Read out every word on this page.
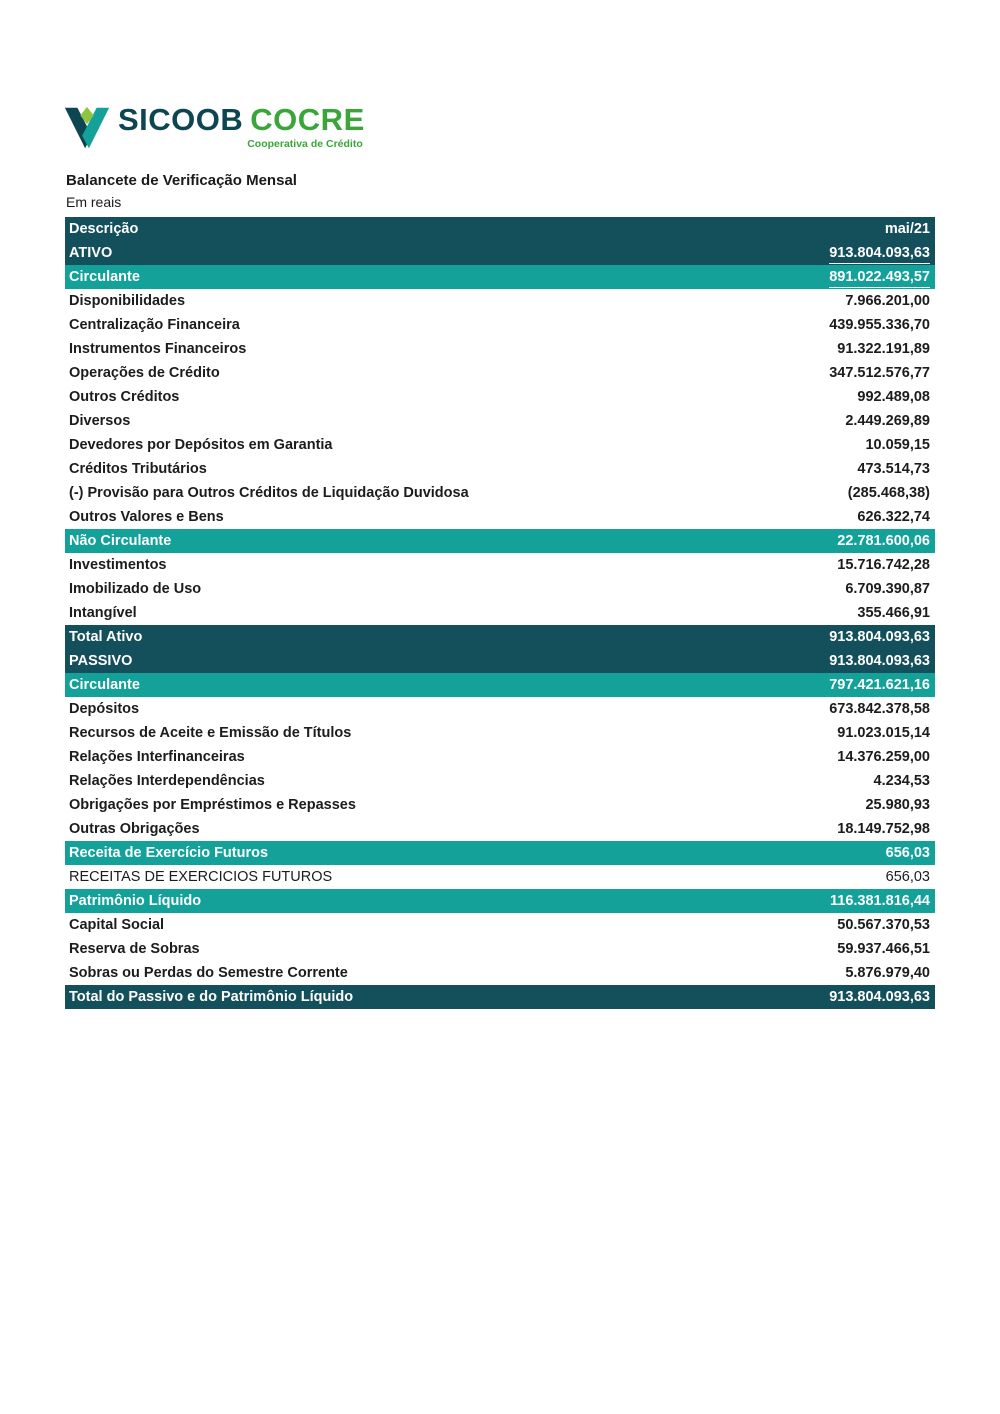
SICOOB COCRE
Cooperativa de Crédito
Balancete de Verificação Mensal
Em reais
Descrição	mai/21
ATIVO	913.804.093,63
Circulante	891.022.493,57
Disponibilidades	7.966.201,00
Centralização Financeira	439.955.336,70
Instrumentos Financeiros	91.322.191,89
Operações de Crédito	347.512.576,77
Outros Créditos	992.489,08
Diversos	2.449.269,89
Devedores por Depósitos em Garantia	10.059,15
Créditos Tributários	473.514,73
(-) Provisão para Outros Créditos de Liquidação Duvidosa	(285.468,38)
Outros Valores e Bens	626.322,74
Não Circulante	22.781.600,06
Investimentos	15.716.742,28
Imobilizado de Uso	6.709.390,87
Intangível	355.466,91
Total Ativo	913.804.093,63
PASSIVO	913.804.093,63
Circulante	797.421.621,16
Depósitos	673.842.378,58
Recursos de Aceite e Emissão de Títulos	91.023.015,14
Relações Interfinanceiras	14.376.259,00
Relações Interdependências	4.234,53
Obrigações por Empréstimos e Repasses	25.980,93
Outras Obrigações	18.149.752,98
Receita de Exercício Futuros	656,03
RECEITAS DE EXERCICIOS FUTUROS	656,03
Patrimônio Líquido	116.381.816,44
Capital Social	50.567.370,53
Reserva de Sobras	59.937.466,51
Sobras ou Perdas do Semestre Corrente	5.876.979,40
Total do Passivo e do Patrimônio Líquido	913.804.093,63
